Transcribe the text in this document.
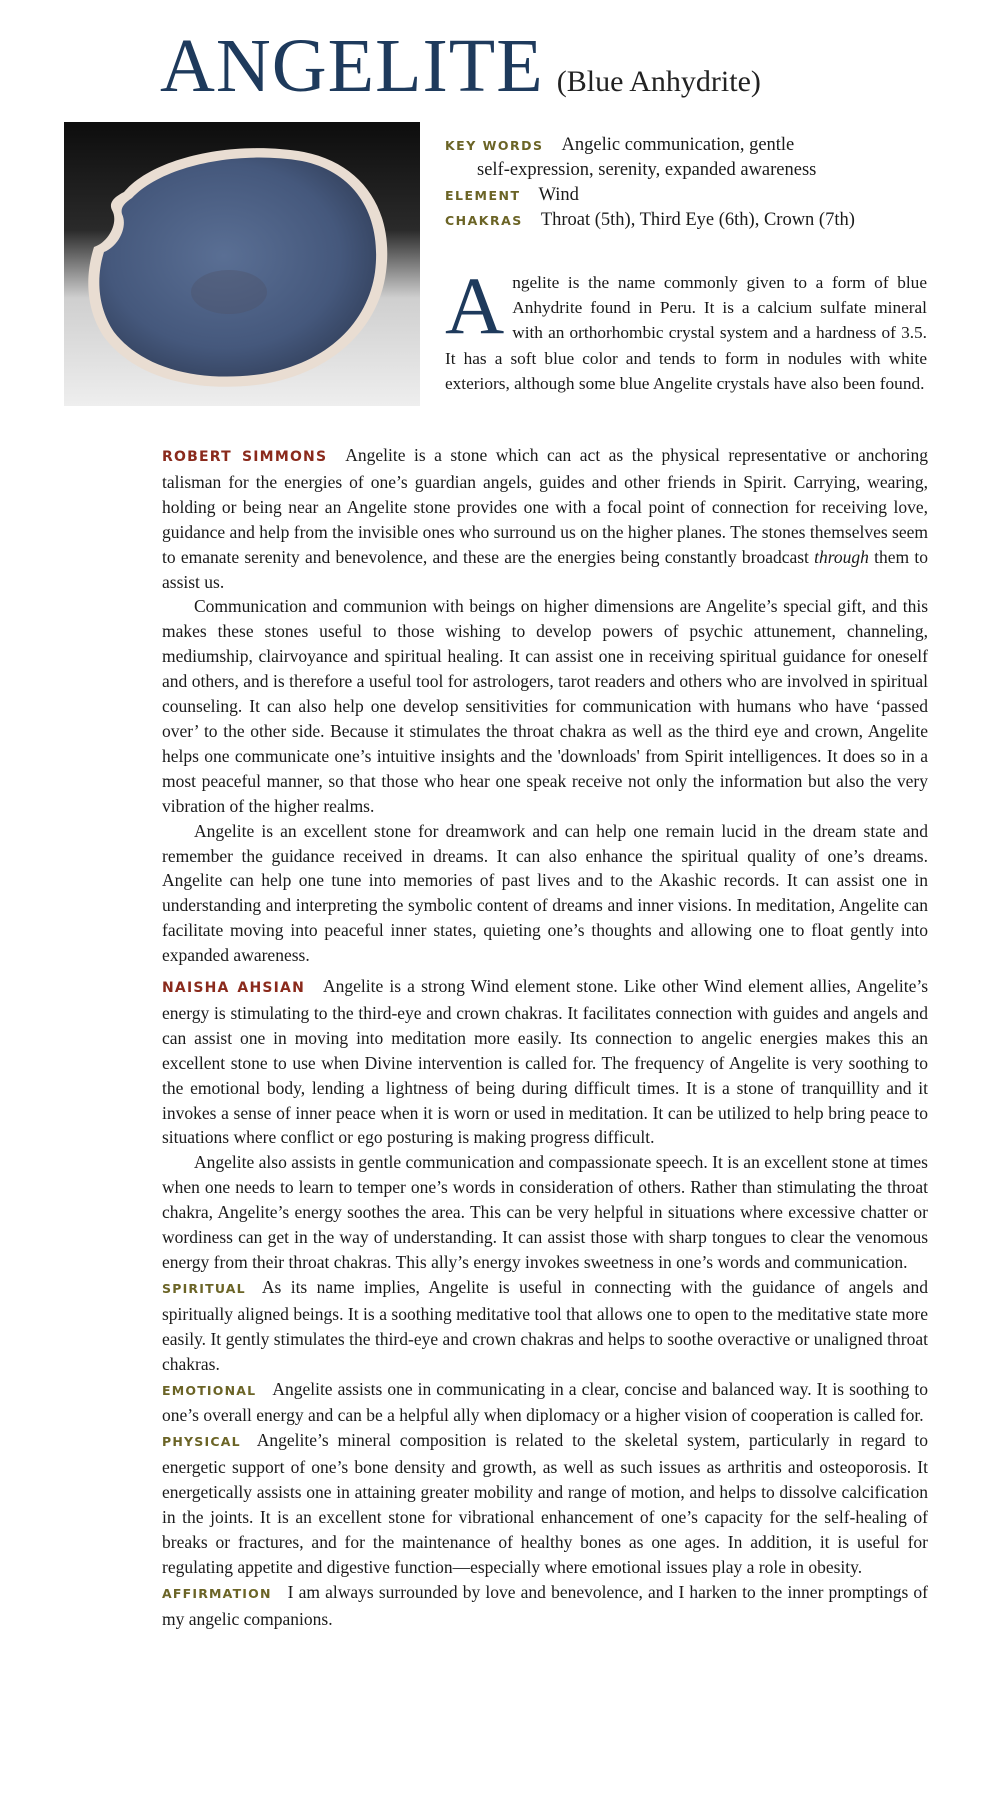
ANGELITE (Blue Anhydrite)

KEY WORDS Angelic communication, gentle

self-expression, serenity, expanded awareness

ELEMENT Wind

CHAKRAS Throat (5th), Third Eye (6th), Crown (7th)

Angelite is the name commonly given to a form of blue Anhydrite found in Peru. It is a calcium sulfate mineral with an orthorhombic crystal system and a hardness of 3.5. It has a soft blue color and tends to form in nodules with white exteriors, although some blue Angelite crystals have also been found.

ROBERT SIMMONS Angelite is a stone which can act as the physical representative or anchoring talisman for the energies of one’s guardian angels, guides and other friends in Spirit. Carrying, wearing, holding or being near an Angelite stone provides one with a focal point of connection for receiving love, guidance and help from the invisible ones who surround us on the higher planes. The stones themselves seem to emanate serenity and benevolence, and these are the energies being constantly broadcast through them to assist us.

Communication and communion with beings on higher dimensions are Angelite’s special gift, and this makes these stones useful to those wishing to develop powers of psychic attunement, channeling, mediumship, clairvoyance and spiritual healing. It can assist one in receiving spiritual guidance for oneself and others, and is therefore a useful tool for astrologers, tarot readers and others who are involved in spiritual counseling. It can also help one develop sensitivities for communication with humans who have ‘passed over’ to the other side. Because it stimulates the throat chakra as well as the third eye and crown, Angelite helps one communicate one’s intuitive insights and the 'downloads' from Spirit intelligences. It does so in a most peaceful manner, so that those who hear one speak receive not only the information but also the very vibration of the higher realms.

Angelite is an excellent stone for dreamwork and can help one remain lucid in the dream state and remember the guidance received in dreams. It can also enhance the spiritual quality of one’s dreams. Angelite can help one tune into memories of past lives and to the Akashic records. It can assist one in understanding and interpreting the symbolic content of dreams and inner visions. In meditation, Angelite can facilitate moving into peaceful inner states, quieting one’s thoughts and allowing one to float gently into expanded awareness.

NAISHA AHSIAN Angelite is a strong Wind element stone. Like other Wind element allies, Angelite’s energy is stimulating to the third-eye and crown chakras. It facilitates connection with guides and angels and can assist one in moving into meditation more easily. Its connection to angelic energies makes this an excellent stone to use when Divine intervention is called for. The frequency of Angelite is very soothing to the emotional body, lending a lightness of being during difficult times. It is a stone of tranquillity and it invokes a sense of inner peace when it is worn or used in meditation. It can be utilized to help bring peace to situations where conflict or ego posturing is making progress difficult.

Angelite also assists in gentle communication and compassionate speech. It is an excellent stone at times when one needs to learn to temper one’s words in consideration of others. Rather than stimulating the throat chakra, Angelite’s energy soothes the area. This can be very helpful in situations where excessive chatter or wordiness can get in the way of understanding. It can assist those with sharp tongues to clear the venomous energy from their throat chakras. This ally’s energy invokes sweetness in one’s words and communication.

SPIRITUAL As its name implies, Angelite is useful in connecting with the guidance of angels and spiritually aligned beings. It is a soothing meditative tool that allows one to open to the meditative state more easily. It gently stimulates the third-eye and crown chakras and helps to soothe overactive or unaligned throat chakras.

EMOTIONAL Angelite assists one in communicating in a clear, concise and balanced way. It is soothing to one’s overall energy and can be a helpful ally when diplomacy or a higher vision of cooperation is called for.

PHYSICAL Angelite’s mineral composition is related to the skeletal system, particularly in regard to energetic support of one’s bone density and growth, as well as such issues as arthritis and osteoporosis. It energetically assists one in attaining greater mobility and range of motion, and helps to dissolve calcification in the joints. It is an excellent stone for vibrational enhancement of one’s capacity for the self-healing of breaks or fractures, and for the maintenance of healthy bones as one ages. In addition, it is useful for regulating appetite and digestive function—especially where emotional issues play a role in obesity.

AFFIRMATION I am always surrounded by love and benevolence, and I harken to the inner promptings of my angelic companions.
